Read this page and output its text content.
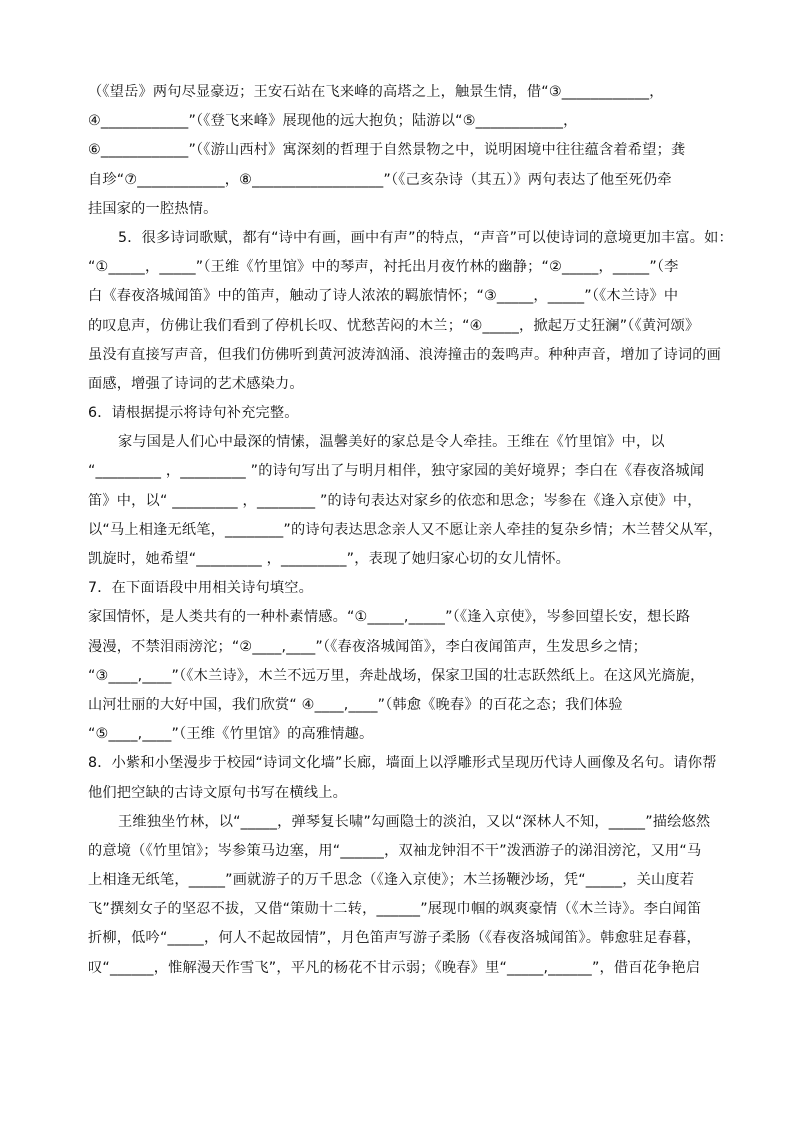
（《望岳》两句尽显豪迈；王安石站在飞来峰的高塔之上，触景生情，借“③____________，
④____________”（《登飞来峰》展现他的远大抱负；陆游以“⑤____________，
⑥____________”（《游山西村》寓深刻的哲理于自然景物之中，说明困境中往往蕴含着希望；龚
自珍“⑦____________，⑧__________________”（《己亥杂诗（其五）》两句表达了他至死仍牵
挂国家的一腔热情。
5．很多诗词歌赋，都有“诗中有画，画中有声”的特点，“声音”可以使诗词的意境更加丰富。如：
“①_____，_____”（王维《竹里馆》中的琴声，衬托出月夜竹林的幽静；“②_____，_____”（李
白《春夜洛城闻笛》中的笛声，触动了诗人浓浓的羁旅情怀；“③_____，_____”（《木兰诗》中
的叹息声，仿佛让我们看到了停机长叹、忧愁苦闷的木兰；“④_____，掀起万丈狂澜”（《黄河颂》
虽没有直接写声音，但我们仿佛听到黄河波涛汹涌、浪涛撞击的轰鸣声。种种声音，增加了诗词的画
面感，增强了诗词的艺术感染力。
6．请根据提示将诗句补充完整。
家与国是人们心中最深的情愫，温馨美好的家总是令人牵挂。王维在《竹里馆》中，以
“_________ ，_________ ”的诗句写出了与明月相伴，独守家园的美好境界；李白在《春夜洛城闻
笛》中，以“ _________ ，________ ”的诗句表达对家乡的依恋和思念；岑参在《逢入京使》中，
以“马上相逢无纸笔，________”的诗句表达思念亲人又不愿让亲人牵挂的复杂乡情；木兰替父从军，
凯旋时，她希望“_________ ，_________”，表现了她归家心切的女儿情怀。
7．在下面语段中用相关诗句填空。
家国情怀，是人类共有的一种朴素情感。“①_____,_____”（《逢入京使》，岑参回望长安，想长路
漫漫，不禁泪雨滂沱；“②____,____”（《春夜洛城闻笛》，李白夜闻笛声，生发思乡之情；
“③____,____”（《木兰诗》，木兰不远万里，奔赴战场，保家卫国的壮志跃然纸上。在这风光旖旎，
山河壮丽的大好中国，我们欣赏“ ④____,____”（韩愈《晚春》的百花之态；我们体验
“⑤____,____”（王维《竹里馆》的高雅情趣。
8．小紫和小堡漫步于校园“诗词文化墙”长廊，墙面上以浮雕形式呈现历代诗人画像及名句。请你帮
他们把空缺的古诗文原句书写在横线上。
王维独坐竹林，以“_____，弹琴复长啸”勾画隐士的淡泊，又以“深林人不知，_____”描绘悠然
的意境（《竹里馆》；岑参策马边塞，用“______，双袖龙钟泪不干”泼洒游子的涕泪滂沱，又用“马
上相逢无纸笔，_____”画就游子的万千思念（《逢入京使》；木兰扬鞭沙场，凭“_____，关山度若
飞”撰刻女子的坚忍不拔，又借“策勋十二转，______”展现巾帼的飒爽豪情（《木兰诗》。李白闻笛
折柳，低吟“_____，何人不起故园情”，月色笛声写游子柔肠（《春夜洛城闻笛》。韩愈驻足春暮，
叹“______，惟解漫天作雪飞”，平凡的杨花不甘示弱；《晚春》里“_____,______”，借百花争艳启
